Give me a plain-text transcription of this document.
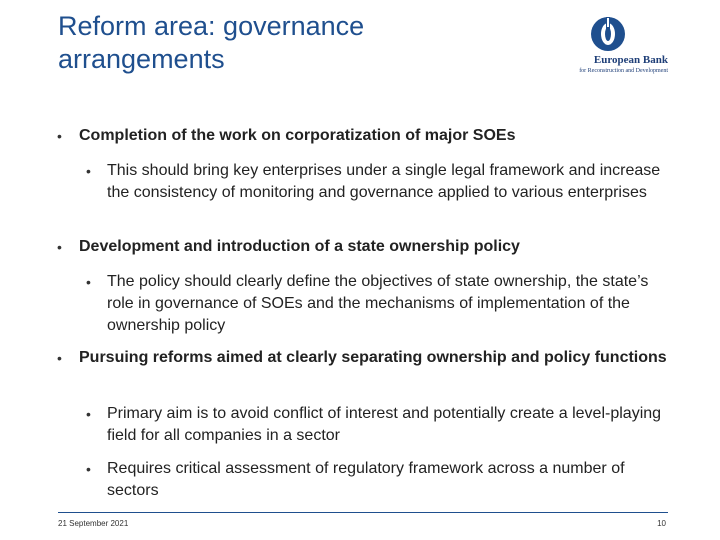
Reform area: governance
arrangements	European Bank
for Reconstruction and Development
• Completion of the work on corporatization of major SOEs
• This should bring key enterprises under a single legal framework and increase the consistency of monitoring and governance applied to various enterprises
• Development and introduction of a state ownership policy
• The policy should clearly define the objectives of state ownership, the state’s role in governance of SOEs and the mechanisms of implementation of the ownership policy
• Pursuing reforms aimed at clearly separating ownership and policy functions
• Primary aim is to avoid conflict of interest and potentially create a level-playing field for all companies in a sector
• Requires critical assessment of regulatory framework across a number of sectors
21 September 2021	10
